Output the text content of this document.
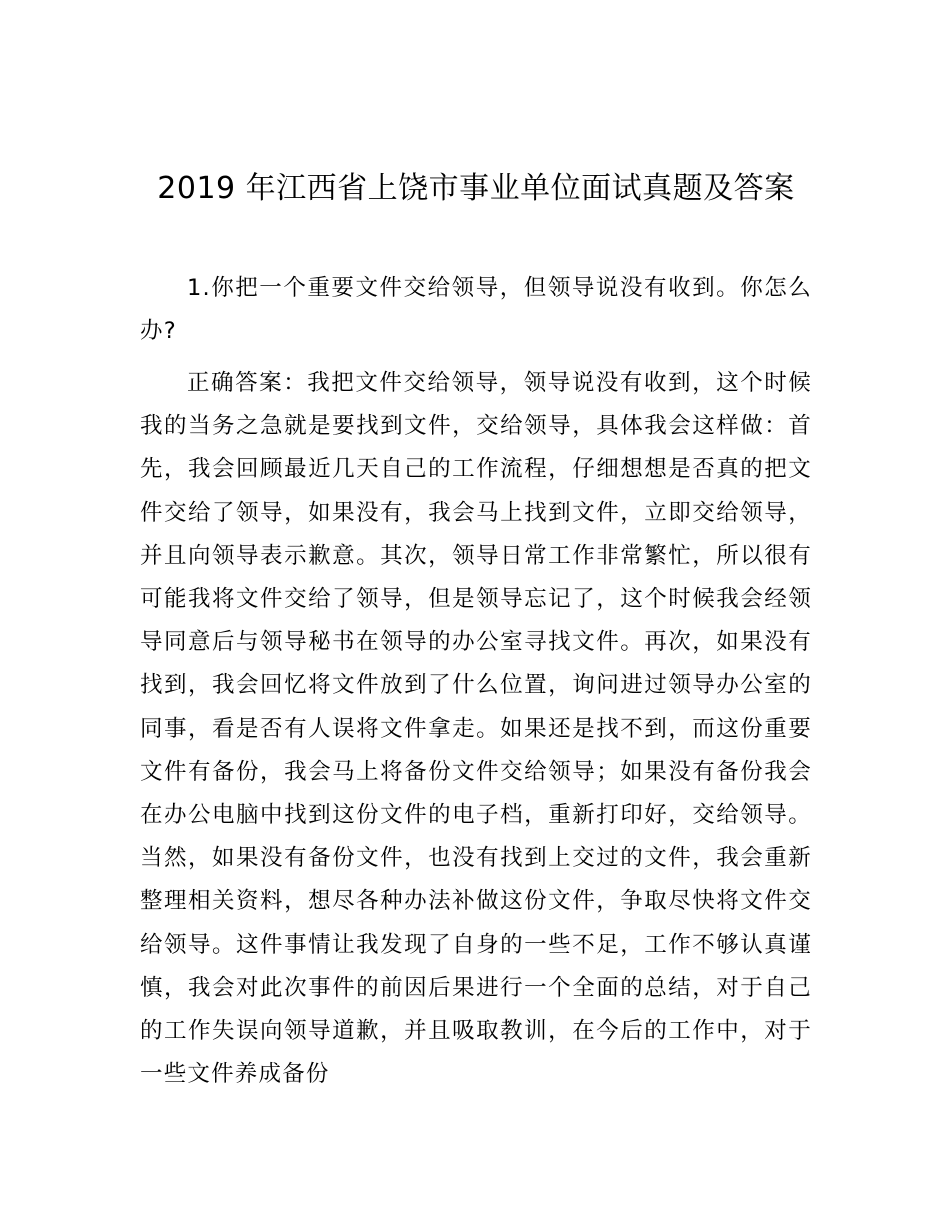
2019 年江西省上饶市事业单位面试真题及答案

1.你把一个重要文件交给领导，但领导说没有收到。你怎么办?

正确答案：我把文件交给领导，领导说没有收到，这个时候我的当务之急就是要找到文件，交给领导，具体我会这样做：首先，我会回顾最近几天自己的工作流程，仔细想想是否真的把文件交给了领导，如果没有，我会马上找到文件，立即交给领导，并且向领导表示歉意。其次，领导日常工作非常繁忙，所以很有可能我将文件交给了领导，但是领导忘记了，这个时候我会经领导同意后与领导秘书在领导的办公室寻找文件。再次，如果没有找到，我会回忆将文件放到了什么位置，询问进过领导办公室的同事，看是否有人误将文件拿走。如果还是找不到，而这份重要文件有备份，我会马上将备份文件交给领导；如果没有备份我会在办公电脑中找到这份文件的电子档，重新打印好，交给领导。当然，如果没有备份文件，也没有找到上交过的文件，我会重新整理相关资料，想尽各种办法补做这份文件，争取尽快将文件交给领导。这件事情让我发现了自身的一些不足，工作不够认真谨慎，我会对此次事件的前因后果进行一个全面的总结，对于自己的工作失误向领导道歉，并且吸取教训，在今后的工作中，对于一些文件养成备份
